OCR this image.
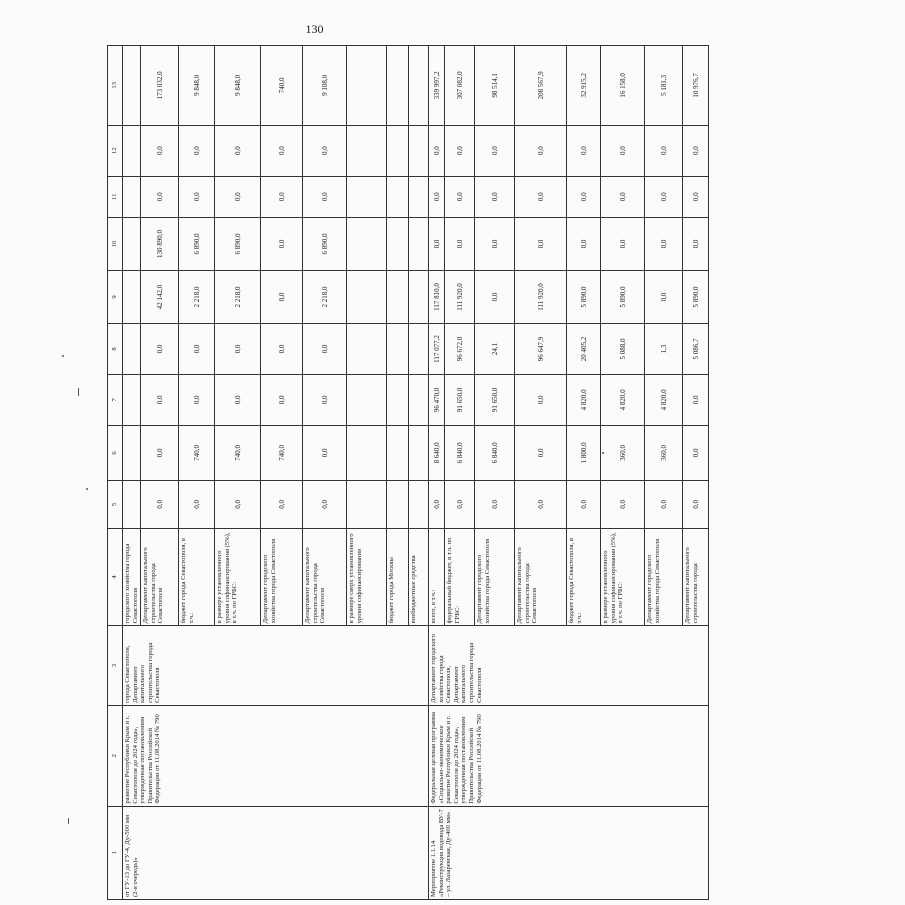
130
1	2	3	4	5	6	7	8	9	10	11	12	13
от ГУ-13 до ГУ-4, Ду-500 мм (2-я очередь)»	развитие Республики Крым и г. Севастополя до 2024 года», утвержденная постановлением Правительства Российской Федерации от 11.08.2014 № 790	города Севастополя, Департамент капитального строительства города Севастополя	городского хозяйства города Севастополя									
			Департамент капитального строительства города Севастополя	0,0	0,0	0,0	0,0	42 142,0	130 890,0	0,0	0,0	173 032,0
			бюджет города Севастополя, в т.ч.:	0,0	740,0	0,0	0,0	2 218,0	6 890,0	0,0	0,0	9 848,0
			в размере установленного уровня софинансирования (5%), в т.ч. по ГРБС:	0,0	740,0	0,0	0,0	2 218,0	6 890,0	0,0	0,0	9 848,0
			Департамент городского хозяйства города Севастополя	0,0	740,0	0,0	0,0	0,0	0,0	0,0	0,0	740,0
			Департамент капитального строительства города Севастополя	0,0	0,0	0,0	0,0	2 218,0	6 890,0	0,0	0,0	9 108,0
			в размере сверх установленного уровня софинансирования									
			бюджет города Москвы									
			внебюджетные средства									
Мероприятие 1.1.14 «Реконструкция водовода ВУ-7 – ул. Лазаревская, Ду-400 мм»	Федеральная целевая программа «Социально-экономическое развитие Республики Крым и г. Севастополя до 2024 года», утвержденная постановлением Правительства Российской Федерации от 11.08.2014 № 790	Департамент городского хозяйства города Севастополя, Департамент капитального строительства города Севастополя	всего, в т.ч.:	0,0	8 640,0	96 470,0	117 077,2	117 810,0	0,0	0,0	0,0	339 997,2
			федеральный бюджет, в т.ч. по ГРБС:	0,0	6 840,0	91 650,0	96 672,0	111 920,0	0,0	0,0	0,0	307 082,0
			Департамент городского хозяйства города Севастополя	0,0	6 840,0	91 650,0	24,1	0,0	0,0	0,0	0,0	98 514,1
			Департамент капитального строительства города Севастополя	0,0	0,0	0,0	96 647,9	111 920,0	0,0	0,0	0,0	208 567,9
			бюджет города Севастополя, в т.ч.:	0,0	1 800,0	4 820,0	20 405,2	5 890,0	0,0	0,0	0,0	32 915,2
			в размере установленного уровня софинансирования (5%), в т.ч. по ГРБС:	0,0	360,0	4 820,0	5 088,0	5 890,0	0,0	0,0	0,0	16 158,0
			Департамент городского хозяйства города Севастополя	0,0	360,0	4 820,0	1,3	0,0	0,0	0,0	0,0	5 181,3
			Департамент капитального строительства города	0,0	0,0	0,0	5 086,7	5 890,0	0,0	0,0	0,0	10 976,7
